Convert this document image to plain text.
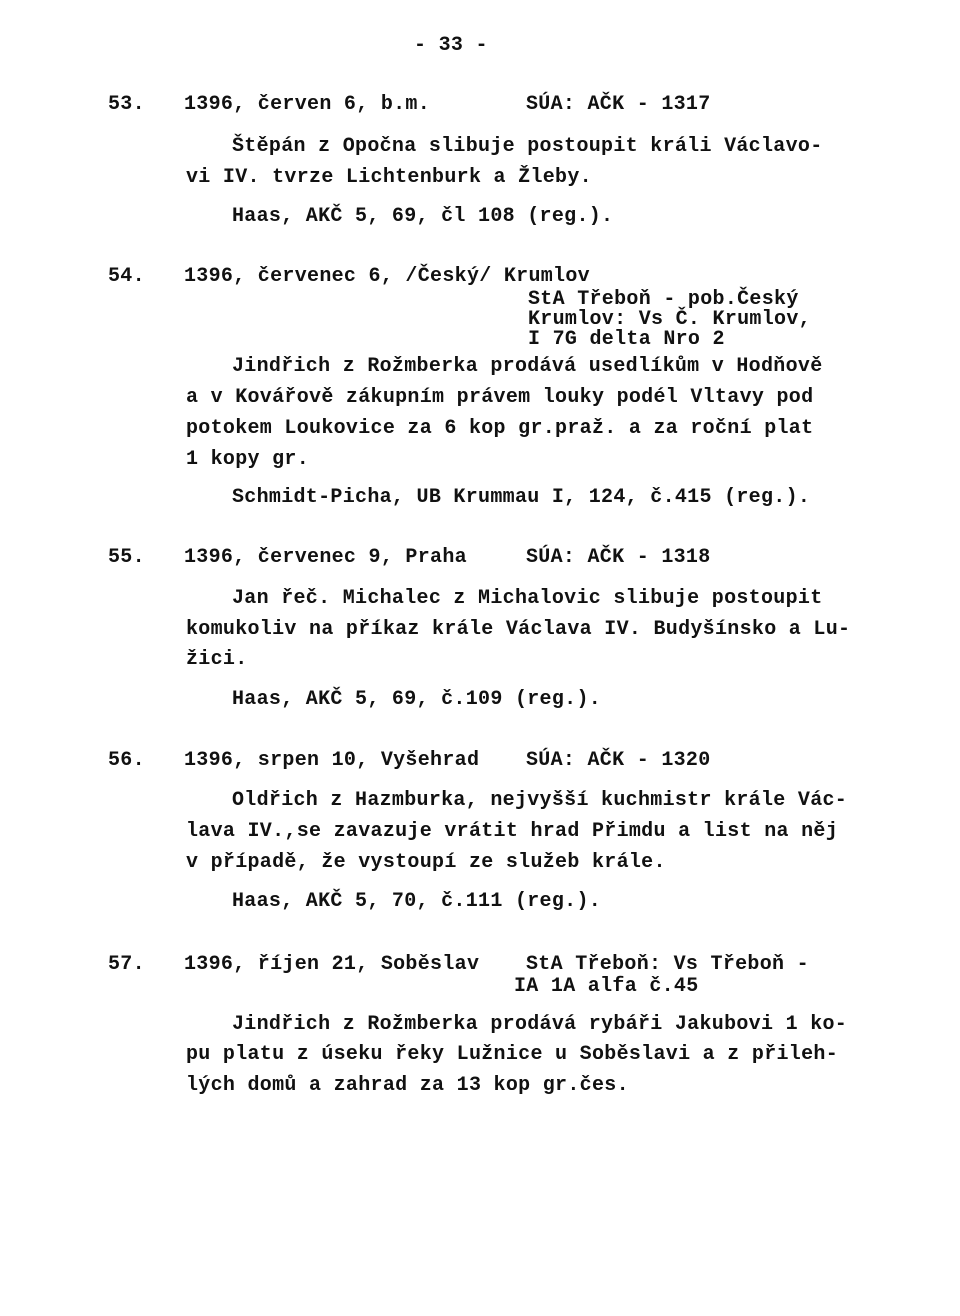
- 33 -
53. 1396, červen 6, b.m.	SÚA: AČK - 1317
Štěpán z Opočna slibuje postoupit králi Václavo-
vi IV. tvrze Lichtenburk a Žleby.
Haas, AKČ 5, 69, čl 108 (reg.).
54. 1396, červenec 6, /Český/ Krumlov
StA Třeboň - pob.Český
Krumlov: Vs Č. Krumlov,
I 7G delta Nro 2
Jindřich z Rožmberka prodává usedlíkům v Hodňově
a v Kovářově zákupním právem louky podél Vltavy pod
potokem Loukovice za 6 kop gr.praž. a za roční plat
1 kopy gr.
Schmidt-Picha, UB Krummau I, 124, č.415 (reg.).
55. 1396, červenec 9, Praha	SÚA: AČK - 1318
Jan řeč. Michalec z Michalovic slibuje postoupit
komukoliv na příkaz krále Václava IV. Budyšínsko a Lu-
žici.
Haas, AKČ 5, 69, č.109 (reg.).
56. 1396, srpen 10, Vyšehrad SÚA: AČK - 1320
Oldřich z Hazmburka, nejvyšší kuchmistr krále Vác-
lava IV.,se zavazuje vrátit hrad Přimdu a list na něj
v případě, že vystoupí ze služeb krále.
Haas, AKČ 5, 70, č.111 (reg.).
57. 1396, říjen 21, Soběslav StA Třeboň: Vs Třeboň -
IA 1A alfa č.45
Jindřich z Rožmberka prodává rybáři Jakubovi 1 ko-
pu platu z úseku řeky Lužnice u Soběslavi a z přileh-
lých domů a zahrad za 13 kop gr.čes.
